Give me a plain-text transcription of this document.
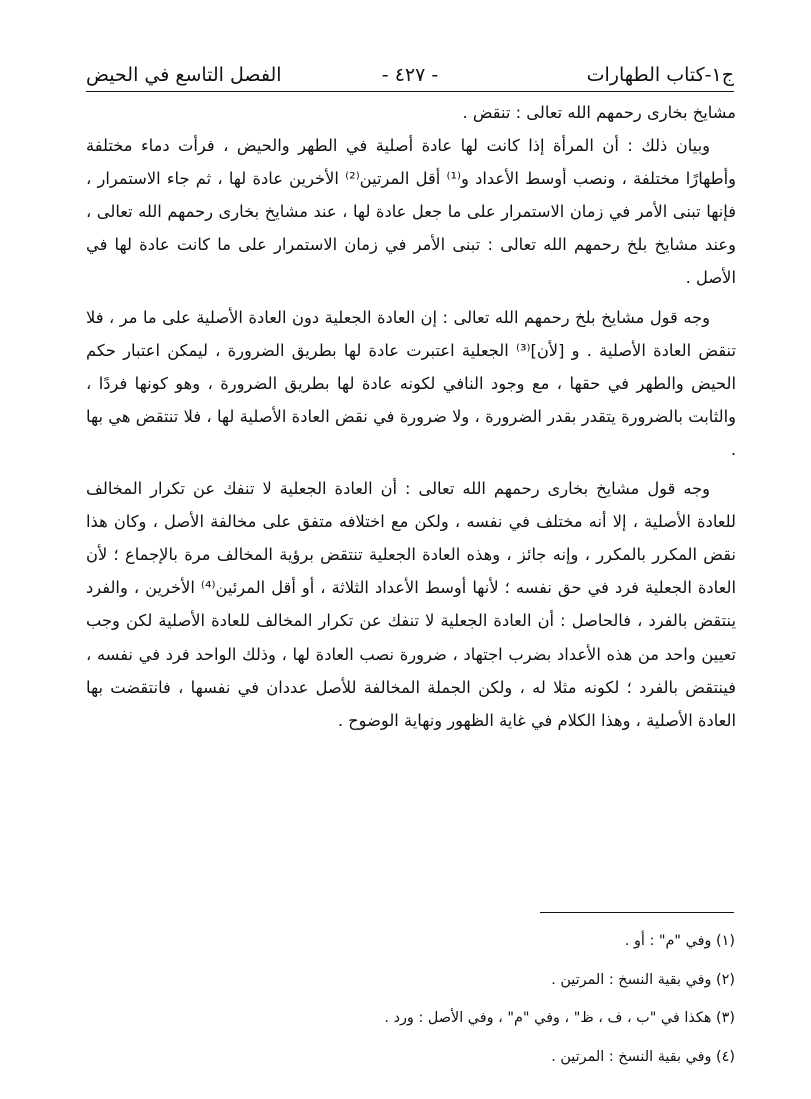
ج١-كتاب الطهارات
- ٤٢٧ -
الفصل التاسع في الحيض

مشايخ بخارى رحمهم الله تعالى : تنقض .

وبيان ذلك : أن المرأة إذا كانت لها عادة أصلية في الطهر والحيض ، فرأت دماء مختلفة وأطهارًا مختلفة ، ونصب أوسط الأعداد و⁽¹⁾ أقل المرتين⁽²⁾ الأخرين عادة لها ، ثم جاء الاستمرار ، فإنها تبنى الأمر في زمان الاستمرار على ما جعل عادة لها ، عند مشايخ بخارى رحمهم الله تعالى ، وعند مشايخ بلخ رحمهم الله تعالى : تبنى الأمر في زمان الاستمرار على ما كانت عادة لها في الأصل .

وجه قول مشايخ بلخ رحمهم الله تعالى : إن العادة الجعلية دون العادة الأصلية على ما مر ، فلا تنقض العادة الأصلية . و [لأن]⁽³⁾ الجعلية اعتبرت عادة لها بطريق الضرورة ، ليمكن اعتبار حكم الحيض والطهر في حقها ، مع وجود النافي لكونه عادة لها بطريق الضرورة ، وهو كونها فردًا ، والثابت بالضرورة يتقدر بقدر الضرورة ، ولا ضرورة في نقض العادة الأصلية لها ، فلا تنتقض هي بها .

وجه قول مشايخ بخارى رحمهم الله تعالى : أن العادة الجعلية لا تنفك عن تكرار المخالف للعادة الأصلية ، إلا أنه مختلف في نفسه ، ولكن مع اختلافه متفق على مخالفة الأصل ، وكان هذا نقض المكرر بالمكرر ، وإنه جائز ، وهذه العادة الجعلية تنتقض برؤية المخالف مرة بالإجماع ؛ لأن العادة الجعلية فرد في حق نفسه ؛ لأنها أوسط الأعداد الثلاثة ، أو أقل المرئين⁽⁴⁾ الأخرين ، والفرد ينتقض بالفرد ، فالحاصل : أن العادة الجعلية لا تنفك عن تكرار المخالف للعادة الأصلية لكن وجب تعيين واحد من هذه الأعداد بضرب اجتهاد ، ضرورة نصب العادة لها ، وذلك الواحد فرد في نفسه ، فينتقض بالفرد ؛ لكونه مثلا له ، ولكن الجملة المخالفة للأصل عددان في نفسها ، فانتقضت بها العادة الأصلية ، وهذا الكلام في غاية الظهور ونهاية الوضوح .

(١) وفي "م" : أو .
(٢) وفي بقية النسخ : المرتين .
(٣) هكذا في "ب ، ف ، ظ" ، وفي "م" ، وفي الأصل : ورد .
(٤) وفي بقية النسخ : المرتين .
